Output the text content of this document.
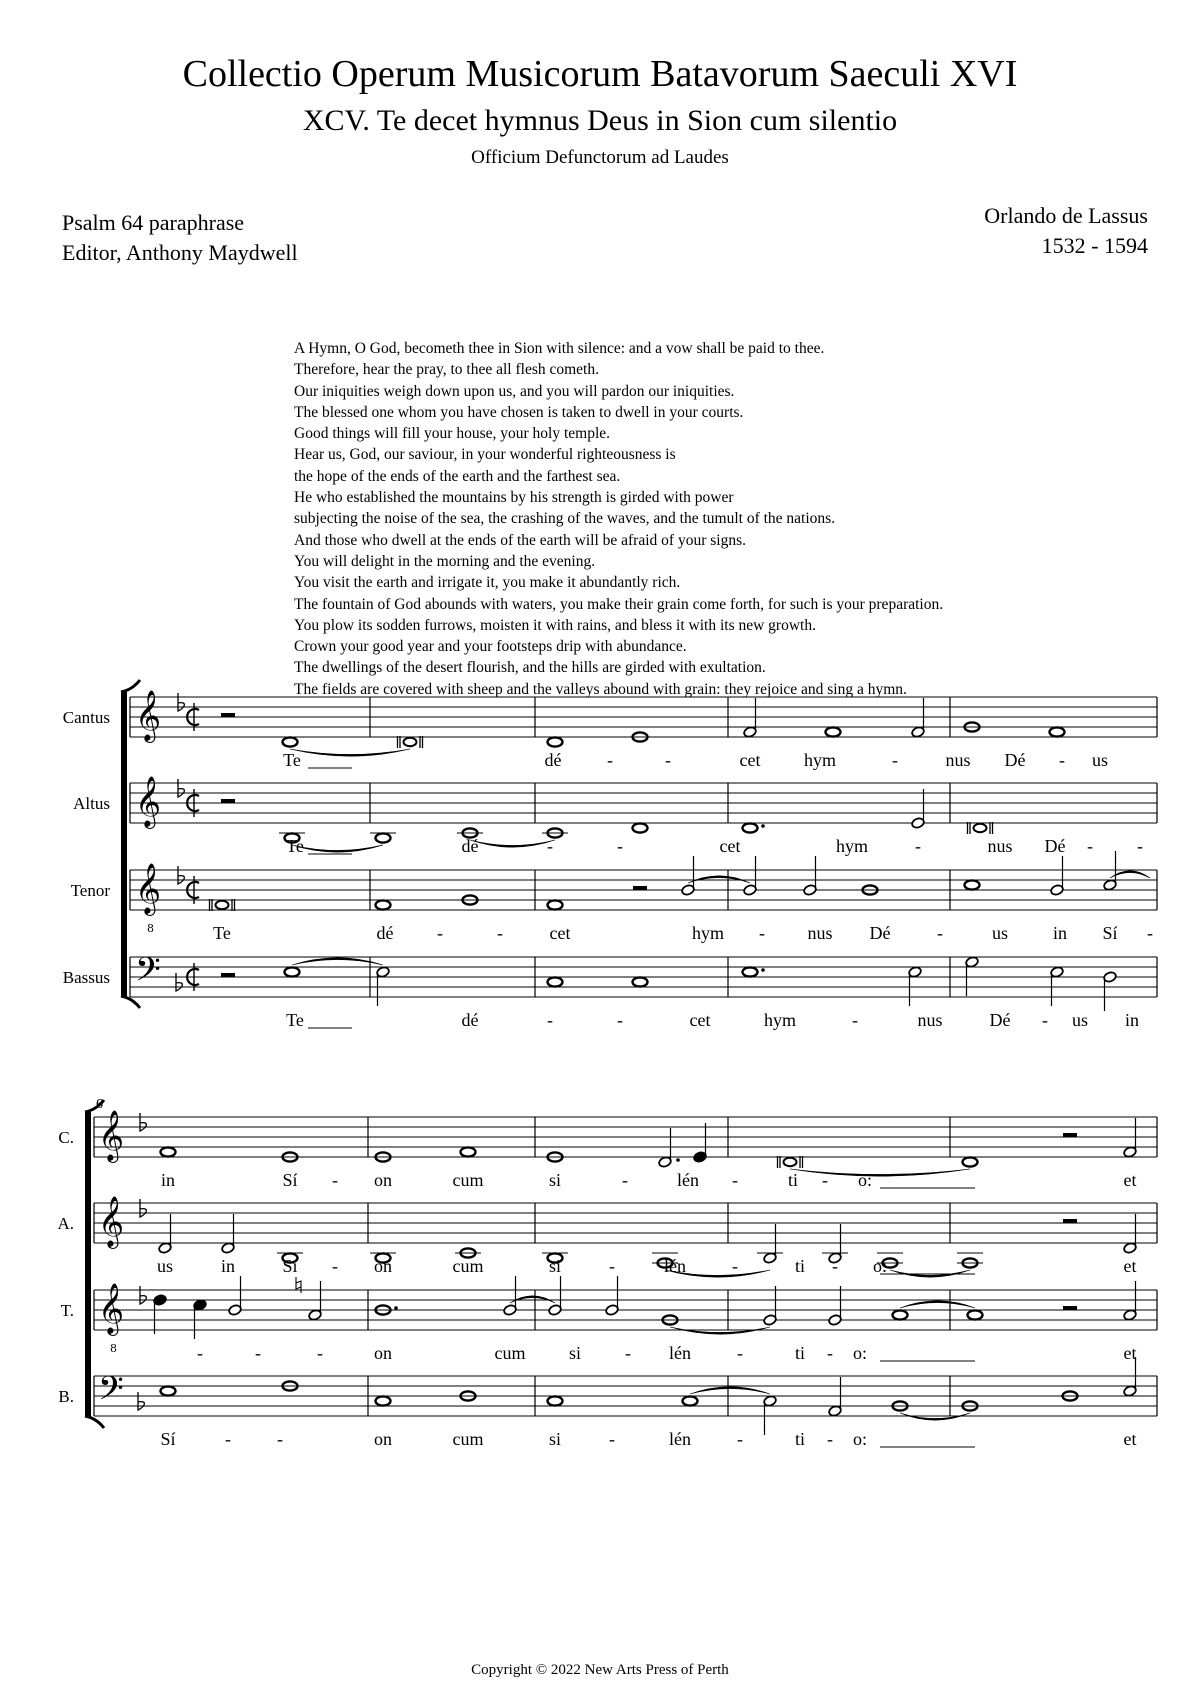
Collectio Operum Musicorum Batavorum Saeculi XVI
XCV. Te decet hymnus Deus in Sion cum silentio
Officium Defunctorum ad Laudes
Psalm 64 paraphrase
Editor, Anthony Maydwell
Orlando de Lassus
1532 - 1594
A Hymn, O God, becometh thee in Sion with silence: and a vow shall be paid to thee.
Therefore, hear the pray, to thee all flesh cometh.
Our iniquities weigh down upon us, and you will pardon our iniquities.
The blessed one whom you have chosen is taken to dwell in your courts.
Good things will fill your house, your holy temple.
Hear us, God, our saviour, in your wonderful righteousness is
the hope of the ends of the earth and the farthest sea.
He who established the mountains by his strength is girded with power
subjecting the noise of the sea, the crashing of the waves, and the tumult of the nations.
And those who dwell at the ends of the earth will be afraid of your signs.
You will delight in the morning and the evening.
You visit the earth and irrigate it, you make it abundantly rich.
The fountain of God abounds with waters, you make their grain come forth, for such is your preparation.
You plow its sodden furrows, moisten it with rains, and bless it with its new growth.
Crown your good year and your footsteps drip with abundance.
The dwellings of the desert flourish, and the hills are girded with exultation.
The fields are covered with sheep and the valleys abound with grain: they rejoice and sing a hymn.
Cantus 𝄞
Altus 𝄞
Tenor 𝄞
8
Bassus 𝄢
Te	dé	-	-	cet hym	-	nus Dé - us
Te	dé	-	-	cet	hym	-	nus Dé - -
Te	dé -	-	cet	hym - nus Dé	-	us in Sí -
Te	dé	-	-	cet	hym	-	nus	Dé - us in
6
C. 𝄞
A. 𝄞
T. 𝄞
8
B. 𝄢
in	Sí - on	cum	si	-	lén -	ti - o:	et
us	in	Sí - on	cum	si	-	lén	-	ti - o:	et
-	-	-	on	cum si - lén	-	ti - o:	et
Sí	-	-	on	cum	si	-	lén	-	ti - o:	et
Copyright © 2022 New Arts Press of Perth
